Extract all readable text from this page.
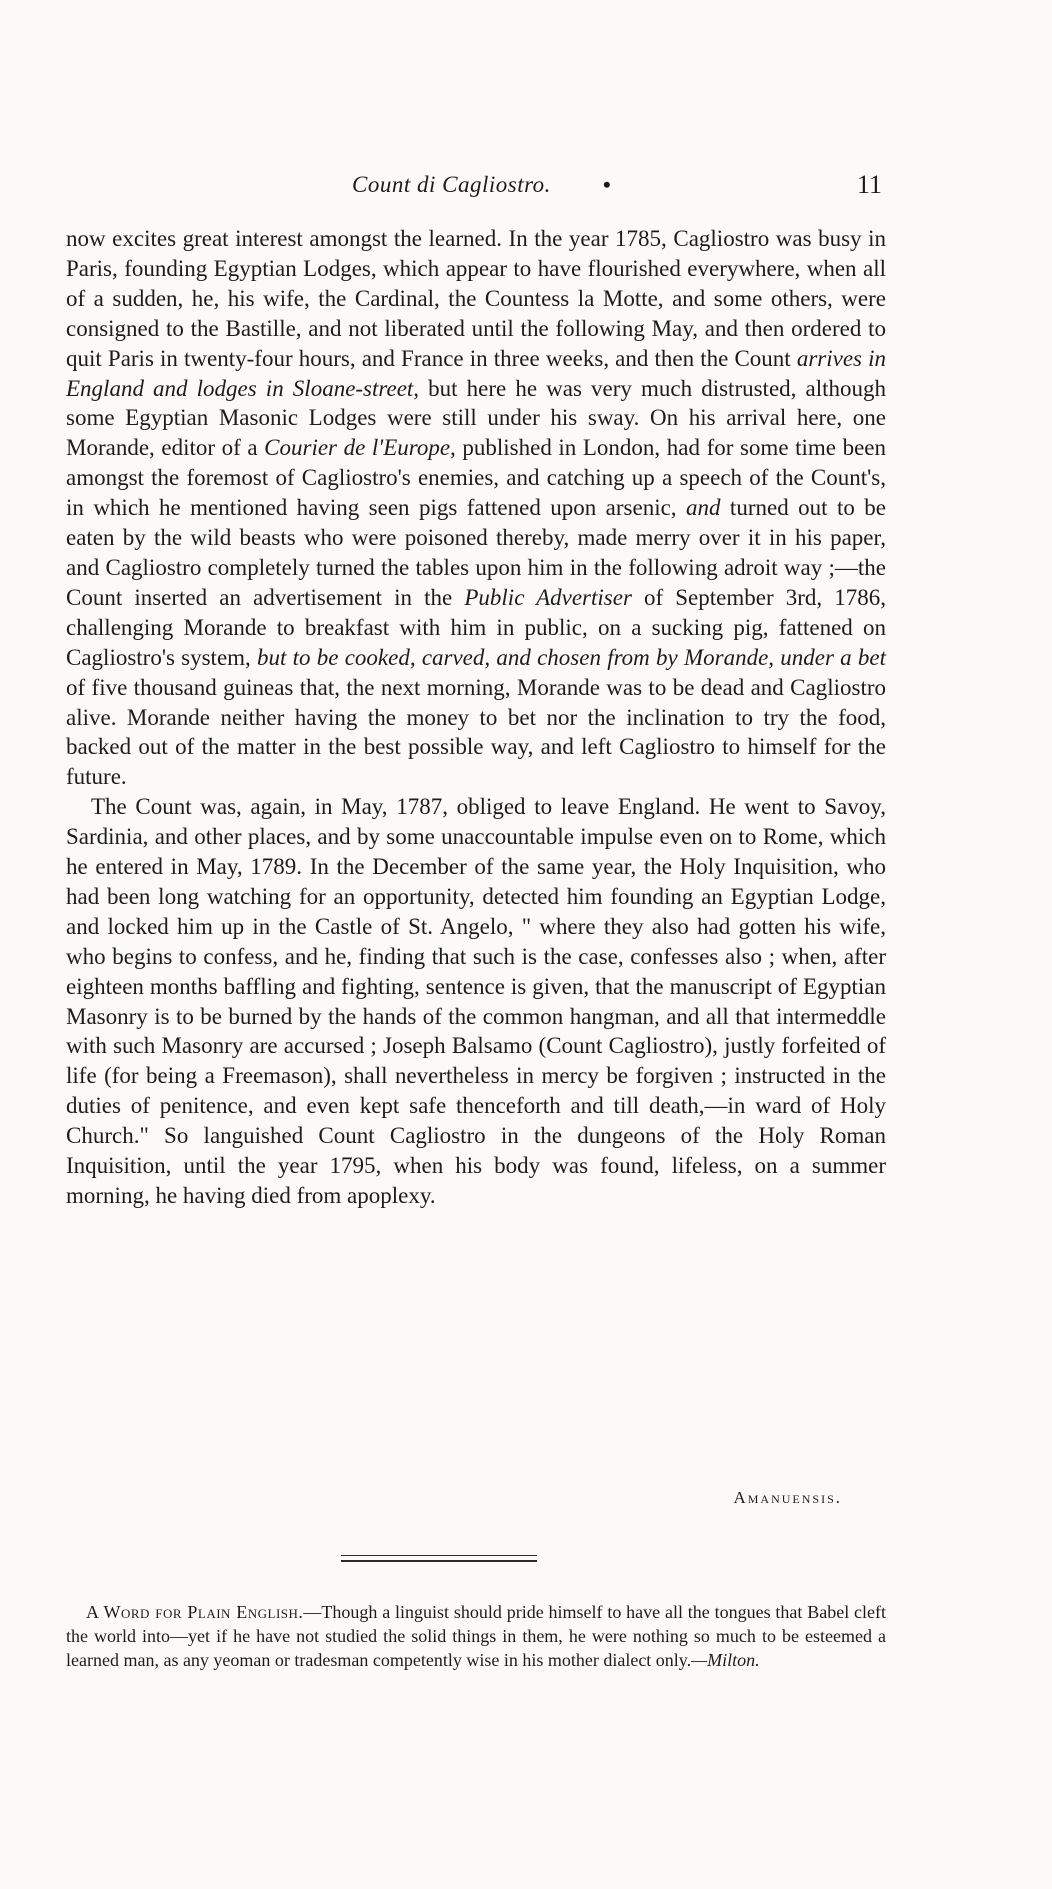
Count di Cagliostro. •	11

now excites great interest amongst the learned. In the year 1785, Cagliostro was busy in Paris, founding Egyptian Lodges, which appear to have flourished everywhere, when all of a sudden, he, his wife, the Cardinal, the Countess la Motte, and some others, were consigned to the Bastille, and not liberated until the following May, and then ordered to quit Paris in twenty-four hours, and France in three weeks, and then the Count arrives in England and lodges in Sloane-street, but here he was very much distrusted, although some Egyptian Masonic Lodges were still under his sway. On his arrival here, one Morande, editor of a Courier de l'Europe, published in London, had for some time been amongst the foremost of Cagliostro's enemies, and catching up a speech of the Count's, in which he mentioned having seen pigs fattened upon arsenic, and turned out to be eaten by the wild beasts who were poisoned thereby, made merry over it in his paper, and Cagliostro completely turned the tables upon him in the following adroit way ;—the Count inserted an advertisement in the Public Advertiser of September 3rd, 1786, challenging Morande to breakfast with him in public, on a sucking pig, fattened on Cagliostro's system, but to be cooked, carved, and chosen from by Morande, under a bet of five thousand guineas that, the next morning, Morande was to be dead and Cagliostro alive. Morande neither having the money to bet nor the inclination to try the food, backed out of the matter in the best possible way, and left Cagliostro to himself for the future.

The Count was, again, in May, 1787, obliged to leave England. He went to Savoy, Sardinia, and other places, and by some unaccountable impulse even on to Rome, which he entered in May, 1789. In the December of the same year, the Holy Inquisition, who had been long watching for an opportunity, detected him founding an Egyptian Lodge, and locked him up in the Castle of St. Angelo, " where they also had gotten his wife, who begins to confess, and he, finding that such is the case, confesses also ; when, after eighteen months baffling and fighting, sentence is given, that the manuscript of Egyptian Masonry is to be burned by the hands of the common hangman, and all that intermeddle with such Masonry are accursed ; Joseph Balsamo (Count Cagliostro), justly forfeited of life (for being a Freemason), shall nevertheless in mercy be forgiven ; instructed in the duties of penitence, and even kept safe thenceforth and till death,—in ward of Holy Church." So languished Count Cagliostro in the dungeons of the Holy Roman Inquisition, until the year 1795, when his body was found, lifeless, on a summer morning, he having died from apoplexy.

Amanuensis.
A Word for Plain English.—Though a linguist should pride himself to have all the tongues that Babel cleft the world into—yet if he have not studied the solid things in them, he were nothing so much to be esteemed a learned man, as any yeoman or tradesman competently wise in his mother dialect only.—Milton.
